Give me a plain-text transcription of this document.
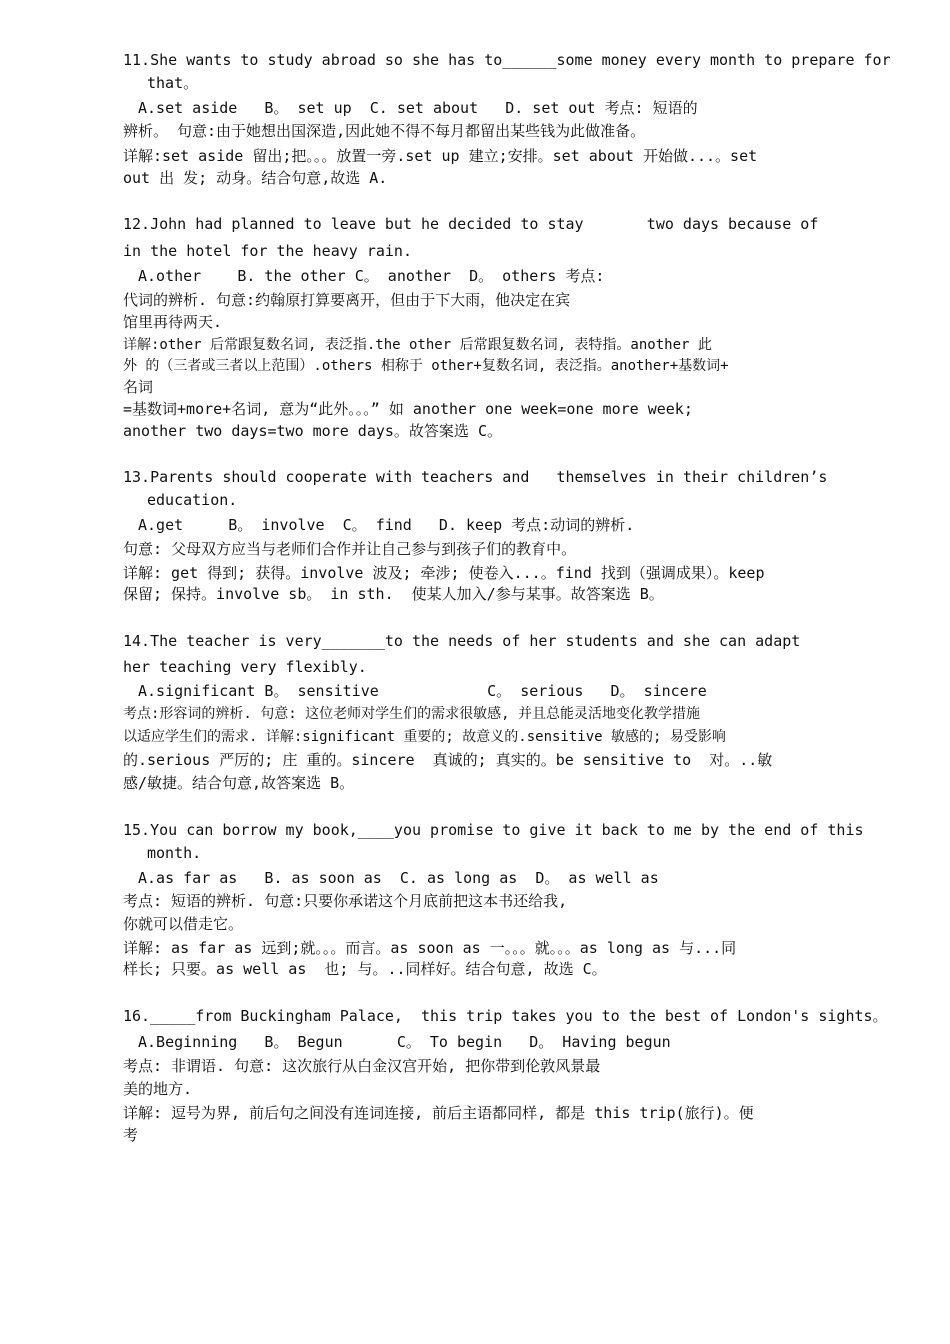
11.She wants to study abroad so she has to______some money every month to prepare for
that。
A.set aside   B。 set up  C. set about   D. set out 考点: 短语的
辨析。 句意:由于她想出国深造,因此她不得不每月都留出某些钱为此做准备。
详解:set aside 留出;把。。。放置一旁.set up 建立;安排。set about 开始做...。set
out 出 发; 动身。结合句意,故选 A.
12.John had planned to leave but he decided to stay       two days because of
in the hotel for the heavy rain.
A.other    B. the other C。 another  D。 others 考点:
代词的辨析. 句意:约翰原打算要离开，但由于下大雨，他决定在宾
馆里再待两天.
详解:other 后常跟复数名词, 表泛指.the other 后常跟复数名词, 表特指。another 此
外 的（三者或三者以上范围）.others 相称于 other+复数名词, 表泛指。another+基数词+
名词
=基数词+more+名词, 意为“此外。。。” 如 another one week=one more week;
another two days=two more days。故答案选 C。
13.Parents should cooperate with teachers and   themselves in their children’s
education.
A.get     B。 involve  C。 find   D. keep 考点:动词的辨析.
句意: 父母双方应当与老师们合作并让自己参与到孩子们的教育中。
详解: get 得到; 获得。involve 波及; 牵涉; 使卷入...。find 找到（强调成果）。keep
保留; 保持。involve sb。 in sth.  使某人加入/参与某事。故答案选 B。
14.The teacher is very_______to the needs of her students and she can adapt
her teaching very flexibly.
A.significant B。 sensitive            C。 serious   D。 sincere
考点:形容词的辨析. 句意: 这位老师对学生们的需求很敏感, 并且总能灵活地变化教学措施
以适应学生们的需求. 详解:significant 重要的; 故意义的.sensitive 敏感的; 易受影响
的.serious 严厉的; 庄 重的。sincere  真诚的; 真实的。be sensitive to  对。..敏
感/敏捷。结合句意,故答案选 B。
15.You can borrow my book,____you promise to give it back to me by the end of this
month.
A.as far as   B. as soon as  C. as long as  D。 as well as
考点: 短语的辨析. 句意:只要你承诺这个月底前把这本书还给我,
你就可以借走它。
详解: as far as 远到;就。。。而言。as soon as 一。。。就。。。as long as 与...同
样长; 只要。as well as  也; 与。..同样好。结合句意, 故选 C。
16._____from Buckingham Palace,  this trip takes you to the best of London's sights。
A.Beginning   B。 Begun      C。 To begin   D。 Having begun
考点: 非谓语. 句意: 这次旅行从白金汉宫开始, 把你带到伦敦风景最
美的地方.
详解: 逗号为界, 前后句之间没有连词连接, 前后主语都同样, 都是 this trip(旅行)。便
考
